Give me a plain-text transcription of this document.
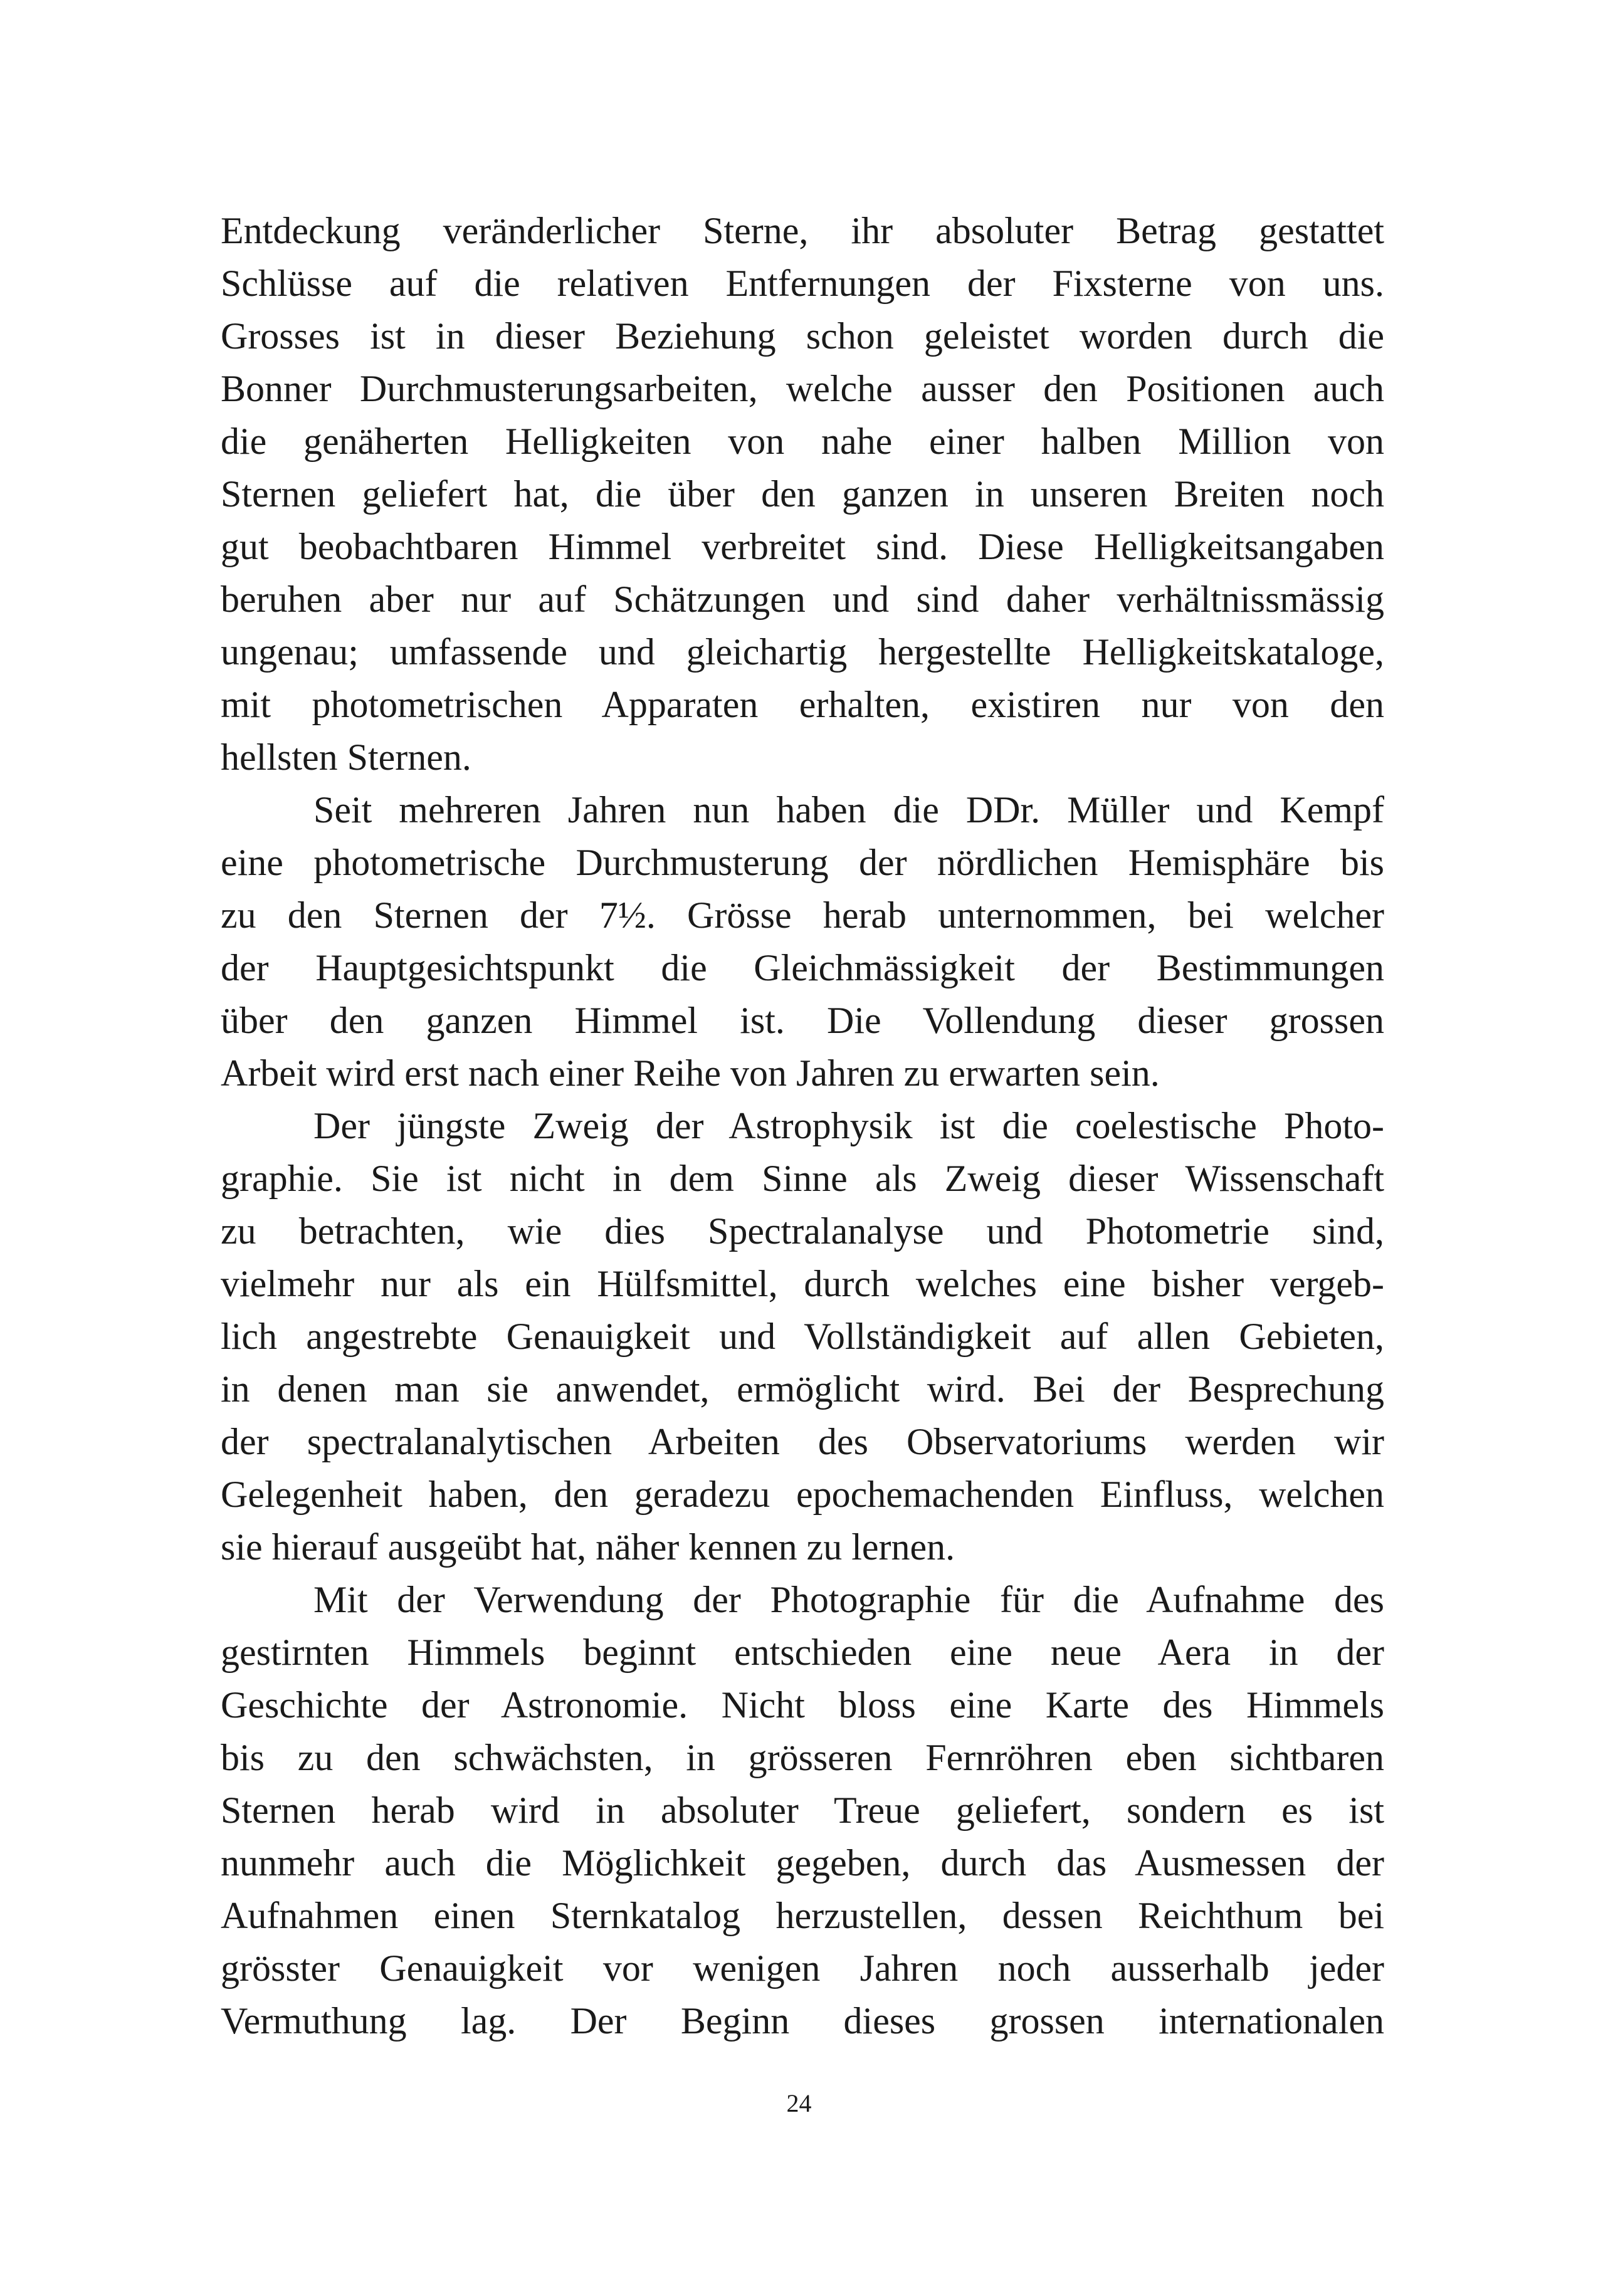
Entdeckung veränderlicher Sterne, ihr absoluter Betrag gestattet
Schlüsse auf die relativen Entfernungen der Fixsterne von uns.
Grosses ist in dieser Beziehung schon geleistet worden durch die
Bonner Durchmusterungsarbeiten, welche ausser den Positionen auch
die genäherten Helligkeiten von nahe einer halben Million von
Sternen geliefert hat, die über den ganzen in unseren Breiten noch
gut beobachtbaren Himmel verbreitet sind. Diese Helligkeitsangaben
beruhen aber nur auf Schätzungen und sind daher verhältnissmässig
ungenau; umfassende und gleichartig hergestellte Helligkeitskataloge,
mit photometrischen Apparaten erhalten, existiren nur von den
hellsten Sternen.
Seit mehreren Jahren nun haben die DDr. Müller und Kempf
eine photometrische Durchmusterung der nördlichen Hemisphäre bis
zu den Sternen der 7½. Grösse herab unternommen, bei welcher
der Hauptgesichtspunkt die Gleichmässigkeit der Bestimmungen
über den ganzen Himmel ist. Die Vollendung dieser grossen
Arbeit wird erst nach einer Reihe von Jahren zu erwarten sein.
Der jüngste Zweig der Astrophysik ist die coelestische Photo-
graphie. Sie ist nicht in dem Sinne als Zweig dieser Wissenschaft
zu betrachten, wie dies Spectralanalyse und Photometrie sind,
vielmehr nur als ein Hülfsmittel, durch welches eine bisher vergeb-
lich angestrebte Genauigkeit und Vollständigkeit auf allen Gebieten,
in denen man sie anwendet, ermöglicht wird. Bei der Besprechung
der spectralanalytischen Arbeiten des Observatoriums werden wir
Gelegenheit haben, den geradezu epochemachenden Einfluss, welchen
sie hierauf ausgeübt hat, näher kennen zu lernen.
Mit der Verwendung der Photographie für die Aufnahme des
gestirnten Himmels beginnt entschieden eine neue Aera in der
Geschichte der Astronomie. Nicht bloss eine Karte des Himmels
bis zu den schwächsten, in grösseren Fernröhren eben sichtbaren
Sternen herab wird in absoluter Treue geliefert, sondern es ist
nunmehr auch die Möglichkeit gegeben, durch das Ausmessen der
Aufnahmen einen Sternkatalog herzustellen, dessen Reichthum bei
grösster Genauigkeit vor wenigen Jahren noch ausserhalb jeder
Vermuthung lag. Der Beginn dieses grossen internationalen
24
